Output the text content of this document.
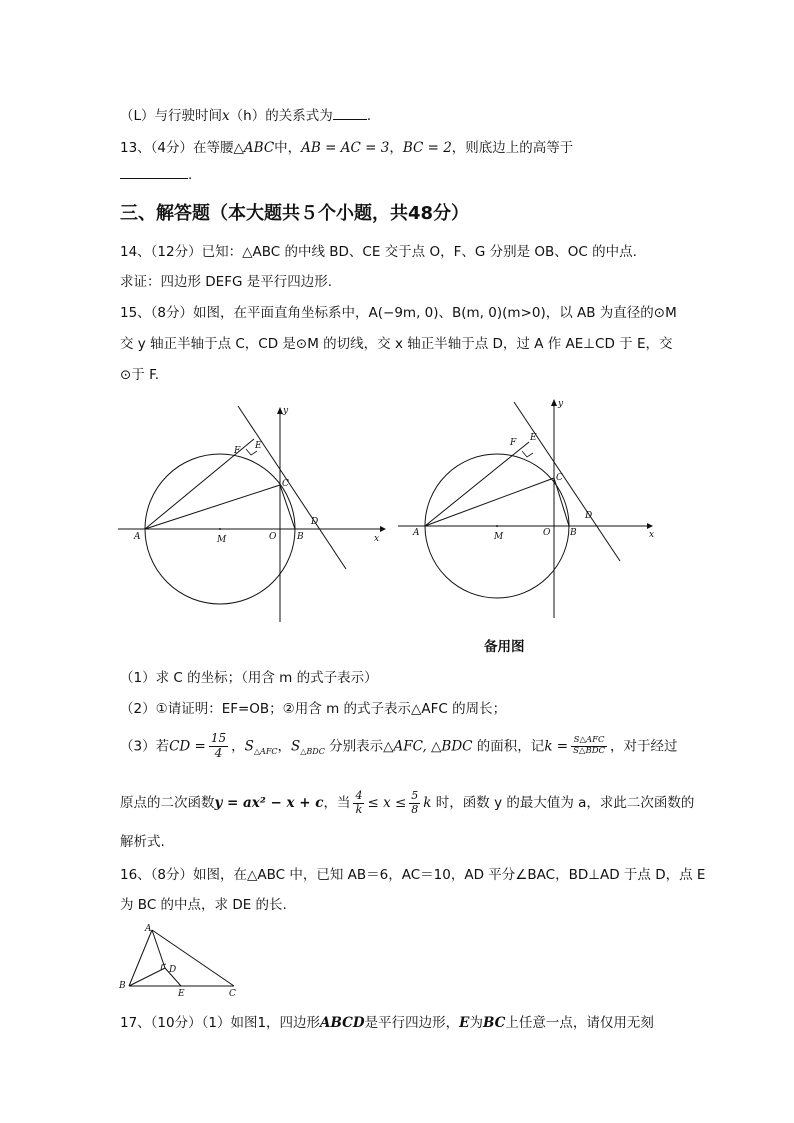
（L）与行驶时间x（h）的关系式为	.
13、（4分）在等腰△ABC中，AB = AC = 3，BC = 2，则底边上的高等于
.
三、解答题（本大题共５个小题，共48分）
14、（12分）已知：△ABC 的中线 BD、CE 交于点 O，F、G 分别是 OB、OC 的中点.
求证：四边形 DEFG 是平行四边形.
15、（8分）如图，在平面直角坐标系中，A(−9m, 0)、B(m, 0)(m>0)，以 AB 为直径的⊙M
交 y 轴正半轴于点 C，CD 是⊙M 的切线，交 x 轴正半轴于点 D，过 A 作 AE⊥CD 于 E，交
⊙于 F.
y
x
A	M	O B
C
D
E
F
y
x
A	M	O B
C
D
E
F
备用图
（1）求 C 的坐标；（用含 m 的式子表示）
（2）①请证明：EF=OB；②用含 m 的式子表示△AFC 的周长；
（3）若CD = $\frac{15}{4}$ ，$S_{\triangle AFC}$，$S_{\triangle BDC}$ 分别表示△AFC, △BDC 的面积，记$k = \frac{\text{S△AFC}}{\text{S△BDC}}$ ，对于经过
原点的二次函数y = ax² − x + c，当 $\frac{4}{k} \le x \le \frac{5}{8}$ k 时，函数 y 的最大值为 a，求此二次函数的
解析式.
16、（8分）如图，在△ABC 中，已知 AB＝6，AC＝10，AD 平分∠BAC，BD⊥AD 于点 D，点 E
为 BC 的中点，求 DE 的长.
A
B
C
D
E
17、（10分）（1）如图1，四边形ABCD是平行四边形，E为BC上任意一点，请仅用无刻
